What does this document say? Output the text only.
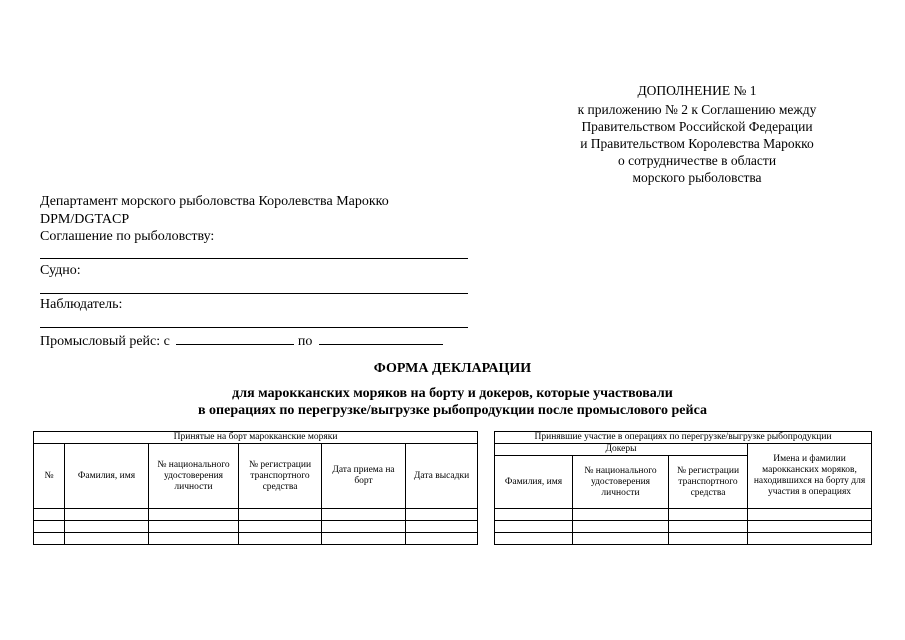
ДОПОЛНЕНИЕ № 1
к приложению № 2 к Соглашению между
Правительством Российской Федерации
и Правительством Королевства Марокко
о сотрудничестве в области
морского рыболовства
Департамент морского рыболовства Королевства Марокко
DPM/DGTACP
Соглашение по рыболовству:
Судно:
Наблюдатель:
Промысловый рейс: с	по
ФОРМА ДЕКЛАРАЦИИ
для марокканских моряков на борту и докеров, которые участвовали
в операциях по перегрузке/выгрузке рыбопродукции после промыслового рейса
Принятые на борт марокканские моряки					
№	Фамилия, имя	№ национального удостоверения личности	№ регистрации транспортного средства	Дата приема на борт	Дата высадки

Принявшие участие в операциях по перегрузке/выгрузке рыбопродукции			
Докеры			Имена и фамилии марокканских моряков, находившихся на борту для участия в операциях
Фамилия, имя	№ национального удостоверения личности	№ регистрации транспортного средства	
